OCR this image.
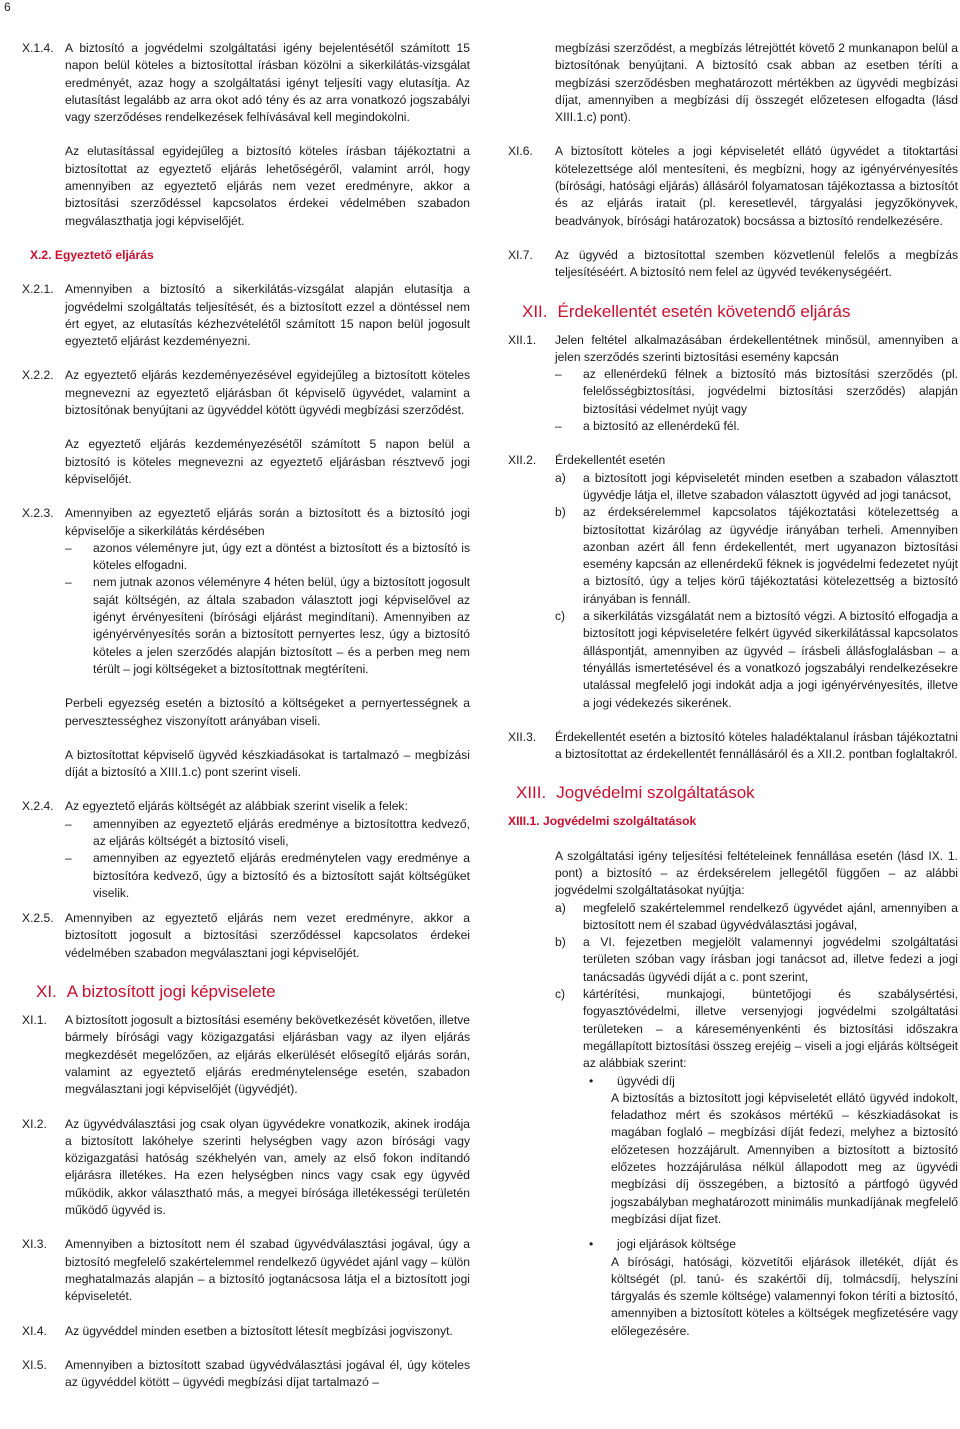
6
X.1.4. A biztosító a jogvédelmi szolgáltatási igény bejelentésétől számított 15 napon belül köteles a biztosítottal írásban közölni a sikerkilátás-vizsgálat eredményét, azaz hogy a szolgáltatási igényt teljesíti vagy elutasítja. Az elutasítást legalább az arra okot adó tény és az arra vonatkozó jogszabályi vagy szerződéses rendelkezések felhívásával kell megindokolni.

Az elutasítással egyidejűleg a biztosító köteles írásban tájékoztatni a biztosítottat az egyeztető eljárás lehetőségéről, valamint arról, hogy amennyiben az egyeztető eljárás nem vezet eredményre, akkor a biztosítási szerződéssel kapcsolatos érdekei védelmében szabadon megválaszthatja jogi képviselőjét.

X.2. Egyeztető eljárás
X.2.1. Amennyiben a biztosító a sikerkilátás-vizsgálat alapján elutasítja a jogvédelmi szolgáltatás teljesítését, és a biztosított ezzel a döntéssel nem ért egyet, az elutasítás kézhezvételétől számított 15 napon belül jogosult egyeztető eljárást kezdeményezni.

X.2.2. Az egyeztető eljárás kezdeményezésével egyidejűleg a biztosított köteles megnevezni az egyeztető eljárásban őt képviselő ügyvédet, valamint a biztosítónak benyújtani az ügyvéddel kötött ügyvédi megbízási szerződést.

Az egyeztető eljárás kezdeményezésétől számított 5 napon belül a biztosító is köteles megnevezni az egyeztető eljárásban résztvevő jogi képviselőjét.

X.2.3. Amennyiben az egyeztető eljárás során a biztosított és a biztosító jogi képviselője a sikerkilátás kérdésében

–	azonos véleményre jut, úgy ezt a döntést a biztosított és a biztosító is köteles elfogadni.
–	nem jutnak azonos véleményre 4 héten belül, úgy a biztosított jogosult saját költségén, az általa szabadon választott jogi képviselővel az igényt érvényesíteni (bírósági eljárást megindítani). Amennyiben az igényérvényesítés során a biztosított pernyertes lesz, úgy a biztosító köteles a jelen szerződés alapján biztosított – és a perben meg nem térült – jogi költségeket a biztosítottnak megtéríteni.

Perbeli egyezség esetén a biztosító a költségeket a pernyertességnek a pervesztességhez viszonyított arányában viseli.

A biztosítottat képviselő ügyvéd készkiadásokat is tartalmazó – megbízási díját a biztosító a XIII.1.c) pont szerint viseli.

X.2.4. Az egyeztető eljárás költségét az alábbiak szerint viselik a felek:

–	amennyiben az egyeztető eljárás eredménye a biztosítottra kedvező, az eljárás költségét a biztosító viseli,
–	amennyiben az egyeztető eljárás eredménytelen vagy eredménye a biztosítóra kedvező, úgy a biztosító és a biztosított saját költségüket viselik.
X.2.5. Amennyiben az egyeztető eljárás nem vezet eredményre, akkor a biztosított jogosult a biztosítási szerződéssel kapcsolatos érdekei védelmében szabadon megválasztani jogi képviselőjét.

XI. A biztosított jogi képviselete
XI.1.	A biztosított jogosult a biztosítási esemény bekövetkezését követően, illetve bármely bírósági vagy közigazgatási eljárásban vagy az ilyen eljárás megkezdését megelőzően, az eljárás elkerülését elősegítő eljárás során, valamint az egyeztető eljárás eredménytelensége esetén, szabadon megválasztani jogi képviselőjét (ügyvédjét).

XI.2.	Az ügyvédválasztási jog csak olyan ügyvédekre vonatkozik, akinek irodája a biztosított lakóhelye szerinti helységben vagy azon bírósági vagy közigazgatási hatóság székhelyén van, amely az első fokon indítandó eljárásra illetékes. Ha ezen helységben nincs vagy csak egy ügyvéd működik, akkor választható más, a megyei bírósága illetékességi területén működő ügyvéd is.

XI.3.	Amennyiben a biztosított nem él szabad ügyvédválasztási jogával, úgy a biztosító megfelelő szakértelemmel rendelkező ügyvédet ajánl vagy – külön meghatalmazás alapján – a biztosító jogtanácsosa látja el a biztosított jogi képviseletét.

XI.4.	Az ügyvéddel minden esetben a biztosított létesít megbízási jogviszonyt.

XI.5.	Amennyiben a biztosított szabad ügyvédválasztási jogával él, úgy köteles az ügyvéddel kötött – ügyvédi megbízási díjat tartalmazó –

megbízási szerződést, a megbízás létrejöttét követő 2 munkanapon belül a biztosítónak benyújtani. A biztosító csak abban az esetben téríti a megbízási szerződésben meghatározott mértékben az ügyvédi megbízási díjat, amennyiben a megbízási díj összegét előzetesen elfogadta (lásd XIII.1.c) pont).

XI.6.	A biztosított köteles a jogi képviseletét ellátó ügyvédet a titoktartási kötelezettsége alól mentesíteni, és megbízni, hogy az igényérvényesítés (bírósági, hatósági eljárás) állásáról folyamatosan tájékoztassa a biztosítót és az eljárás iratait (pl. keresetlevél, tárgyalási jegyzőkönyvek, beadványok, bírósági határozatok) bocsássa a biztosító rendelkezésére.

XI.7.	Az ügyvéd a biztosítottal szemben közvetlenül felelős a megbízás teljesítéséért. A biztosító nem felel az ügyvéd tevékenységéért.

XII. Érdekellentét esetén követendő eljárás
XII.1.	Jelen feltétel alkalmazásában érdekellentétnek minősül, amennyiben a jelen szerződés szerinti biztosítási esemény kapcsán

–	az ellenérdekű félnek a biztosító más biztosítási szerződés (pl. felelősségbiztosítási, jogvédelmi biztosítási szerződés) alapján biztosítási védelmet nyújt vagy
–	a biztosító az ellenérdekű fél.
XII.2.	Érdekellentét esetén

a)	a biztosított jogi képviseletét minden esetben a szabadon választott ügyvédje látja el, illetve szabadon választott ügyvéd ad jogi tanácsot,
b)	az érdeksérelemmel kapcsolatos tájékoztatási kötelezettség a biztosítottat kizárólag az ügyvédje irányában terheli. Amennyiben azonban azért áll fenn érdekellentét, mert ugyanazon biztosítási esemény kapcsán az ellenérdekű féknek is jogvédelmi fedezetet nyújt a biztosító, úgy a teljes körű tájékoztatási kötelezettség a biztosító irányában is fennáll.
c)	a sikerkilátás vizsgálatát nem a biztosító végzi. A biztosító elfogadja a biztosított jogi képviseletére felkért ügyvéd sikerkilátással kapcsolatos álláspontját, amennyiben az ügyvéd – írásbeli állásfoglalásban – a tényállás ismertetésével és a vonatkozó jogszabályi rendelkezésekre utalással megfelelő jogi indokát adja a jogi igényérvényesítés, illetve a jogi védekezés sikerének.
XII.3.	Érdekellentét esetén a biztosító köteles haladéktalanul írásban tájékoztatni a biztosítottat az érdekellentét fennállásáról és a XII.2. pontban foglaltakról.

XIII. Jogvédelmi szolgáltatások
XIII.1. Jogvédelmi szolgáltatások

A szolgáltatási igény teljesítési feltételeinek fennállása esetén (lásd IX. 1. pont) a biztosító – az érdeksérelem jellegétől függően – az alábbi jogvédelmi szolgáltatásokat nyújtja:

a)	megfelelő szakértelemmel rendelkező ügyvédet ajánl, amennyiben a biztosított nem él szabad ügyvédválasztási jogával,
b)	a VI. fejezetben megjelölt valamennyi jogvédelmi szolgáltatási területen szóban vagy írásban jogi tanácsot ad, illetve fedezi a jogi tanácsadás ügyvédi díját a c. pont szerint,
c)	kártérítési, munkajogi, büntetőjogi és szabálysértési, fogyasztóvédelmi, illetve versenyjogi jogvédelmi szolgáltatási területeken – a káreseményenkénti és biztosítási időszakra megállapított biztosítási összeg erejéig – viseli a jogi eljárás költségeit az alábbiak szerint:
•	ügyvédi díj

A biztosítás a biztosított jogi képviseletét ellátó ügyvéd indokolt, feladathoz mért és szokásos mértékű – készkiadásokat is magában foglaló – megbízási díját fedezi, melyhez a biztosító előzetesen hozzájárult. Amennyiben a biztosított a biztosító előzetes hozzájárulása nélkül állapodott meg az ügyvédi megbízási díj összegében, a biztosító a pártfogó ügyvéd jogszabályban meghatározott minimális munkadíjának megfelelő megbízási díjat fizet.

•	jogi eljárások költsége

A bírósági, hatósági, közvetítői eljárások illetékét, díját és költségét (pl. tanú- és szakértői díj, tolmácsdíj, helyszíni tárgyalás és szemle költsége) valamennyi fokon téríti a biztosító, amennyiben a biztosított köteles a költségek megfizetésére vagy előlegezésére.
